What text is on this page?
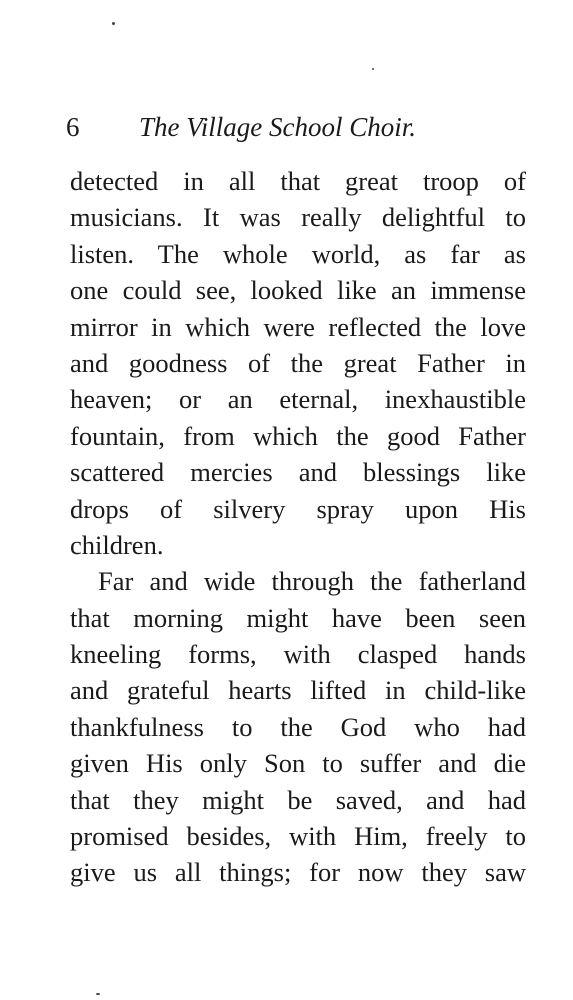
6 The Village School Choir.
detected in all that great troop of
musicians. It was really delightful to
listen. The whole world, as far as
one could see, looked like an immense
mirror in which were reflected the love
and goodness of the great Father in
heaven; or an eternal, inexhaustible
fountain, from which the good Father
scattered mercies and blessings like
drops of silvery spray upon His
children.
Far and wide through the fatherland
that morning might have been seen
kneeling forms, with clasped hands
and grateful hearts lifted in child-like
thankfulness to the God who had
given His only Son to suffer and die
that they might be saved, and had
promised besides, with Him, freely to
give us all things; for now they saw
